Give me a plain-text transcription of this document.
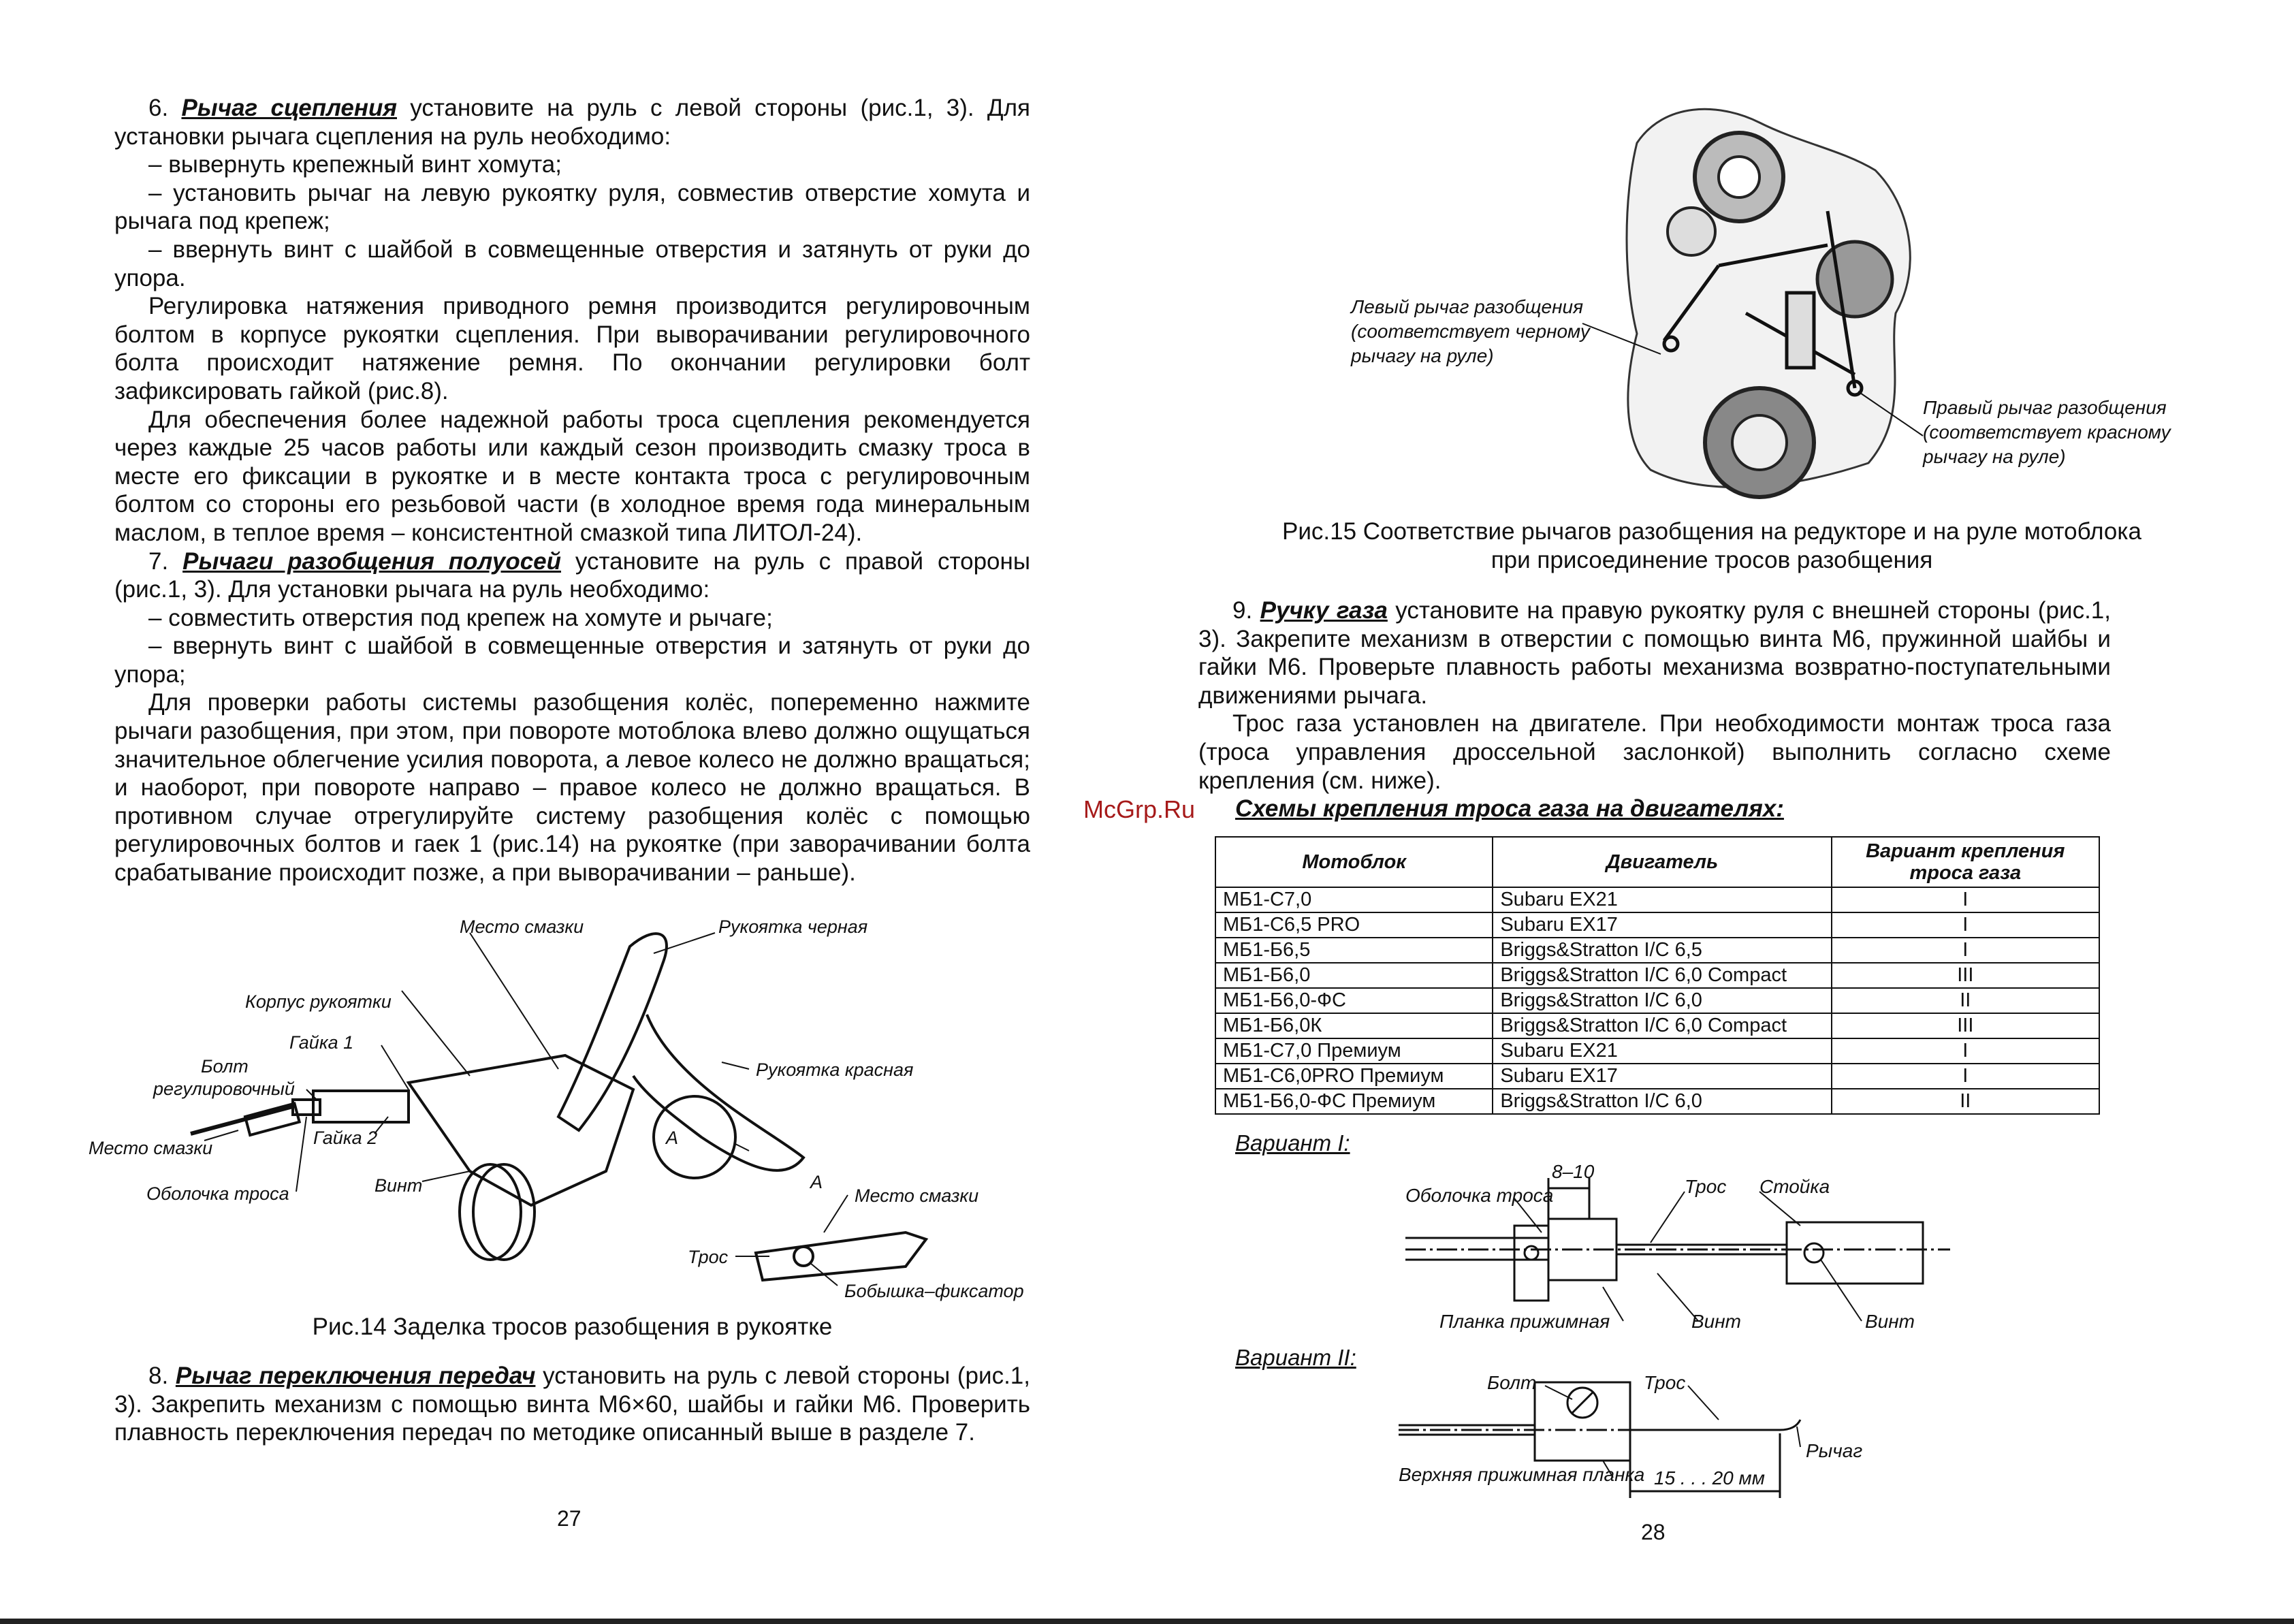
6. Рычаг сцепления установите на руль с левой стороны (рис.1, 3). Для установки рычага сцепления на руль необходимо:

– вывернуть крепежный винт хомута;

– установить рычаг на левую рукоятку руля, совместив отверстие хомута и рычага под крепеж;

– ввернуть винт с шайбой в совмещенные отверстия и затянуть от руки до упора.

Регулировка натяжения приводного ремня производится регулировочным болтом в корпусе рукоятки сцепления. При выворачивании регулировочного болта происходит натяжение ремня. По окончании регулировки болт зафиксировать гайкой (рис.8).

Для обеспечения более надежной работы троса сцепления рекомендуется через каждые 25 часов работы или каждый сезон производить смазку троса в месте его фиксации в рукоятке и в месте контакта троса с регулировочным болтом со стороны его резьбовой части (в холодное время года минеральным маслом, в теплое время – консистентной смазкой типа ЛИТОЛ-24).

7. Рычаги разобщения полуосей установите на руль с правой стороны (рис.1, 3). Для установки рычага на руль необходимо:

– совместить отверстия под крепеж на хомуте и рычаге;

– ввернуть винт с шайбой в совмещенные отверстия и затянуть от руки до упора;

Для проверки работы системы разобщения колёс, попеременно нажмите рычаги разобщения, при этом, при повороте мотоблока влево должно ощущаться значительное облегчение усилия поворота, а левое колесо не должно вращаться; и наоборот, при повороте направо – правое колесо не должно вращаться. В противном случае отрегулируйте систему разобщения колёс с помощью регулировочных болтов и гаек 1 (рис.14) на рукоятке (при заворачивании болта срабатывание происходит позже, а при выворачивании – раньше).

Место смазки	Рукоятка черная
Корпус рукоятки
Гайка 1
Болт
регулировочный
Место смазки	Гайка 2
Оболочка троса	Винт
Рукоятка красная
A
A
Место смазки
Трос
Бобышка–фиксатор
Рис.14 Заделка тросов разобщения в рукоятке

8. Рычаг переключения передач установить на руль с левой стороны (рис.1, 3). Закрепить механизм с помощью винта М6×60, шайбы и гайки М6. Проверить плавность переключения передач по методике описанный выше в разделе 7.

27
Левый рычаг разобщения
(соответствует черному
рычагу на руле)
Правый рычаг разобщения
(соответствует красному
рычагу на руле)
Рис.15 Соответствие рычагов разобщения на редукторе и на руле мотоблока
при присоединение тросов разобщения

9. Ручку газа установите на правую рукоятку руля с внешней стороны (рис.1, 3). Закрепите механизм в отверстии с помощью винта М6, пружинной шайбы и гайки М6. Проверьте плавность работы механизма возвратно-поступательными движениями рычага.

Трос газа установлен на двигателе. При необходимости монтаж троса газа (троса управления дроссельной заслонкой) выполнить согласно схеме крепления (см. ниже).

McGrp.Ru Схемы крепления троса газа на двигателях:
Мотоблок	Двигатель	Вариант крепления троса газа
МБ1-С7,0	Subaru EX21	I
МБ1-С6,5 PRO	Subaru EX17	I
МБ1-Б6,5	Briggs&Stratton I/C 6,5	I
МБ1-Б6,0	Briggs&Stratton I/C 6,0 Compact	III
МБ1-Б6,0-ФС	Briggs&Stratton I/C 6,0	II
МБ1-Б6,0К	Briggs&Stratton I/C 6,0 Compact	III
МБ1-С7,0 Премиум	Subaru EX21	I
МБ1-С6,0PRO Премиум	Subaru EX17	I
МБ1-Б6,0-ФС Премиум	Briggs&Stratton I/C 6,0	II
Вариант I:
8–10
Оболочка троса	Трос Стойка
Планка прижимная	Винт	Винт
Вариант II:
Болт	Трос
Рычаг
Верхняя прижимная планка 15 . . . 20 мм
28
